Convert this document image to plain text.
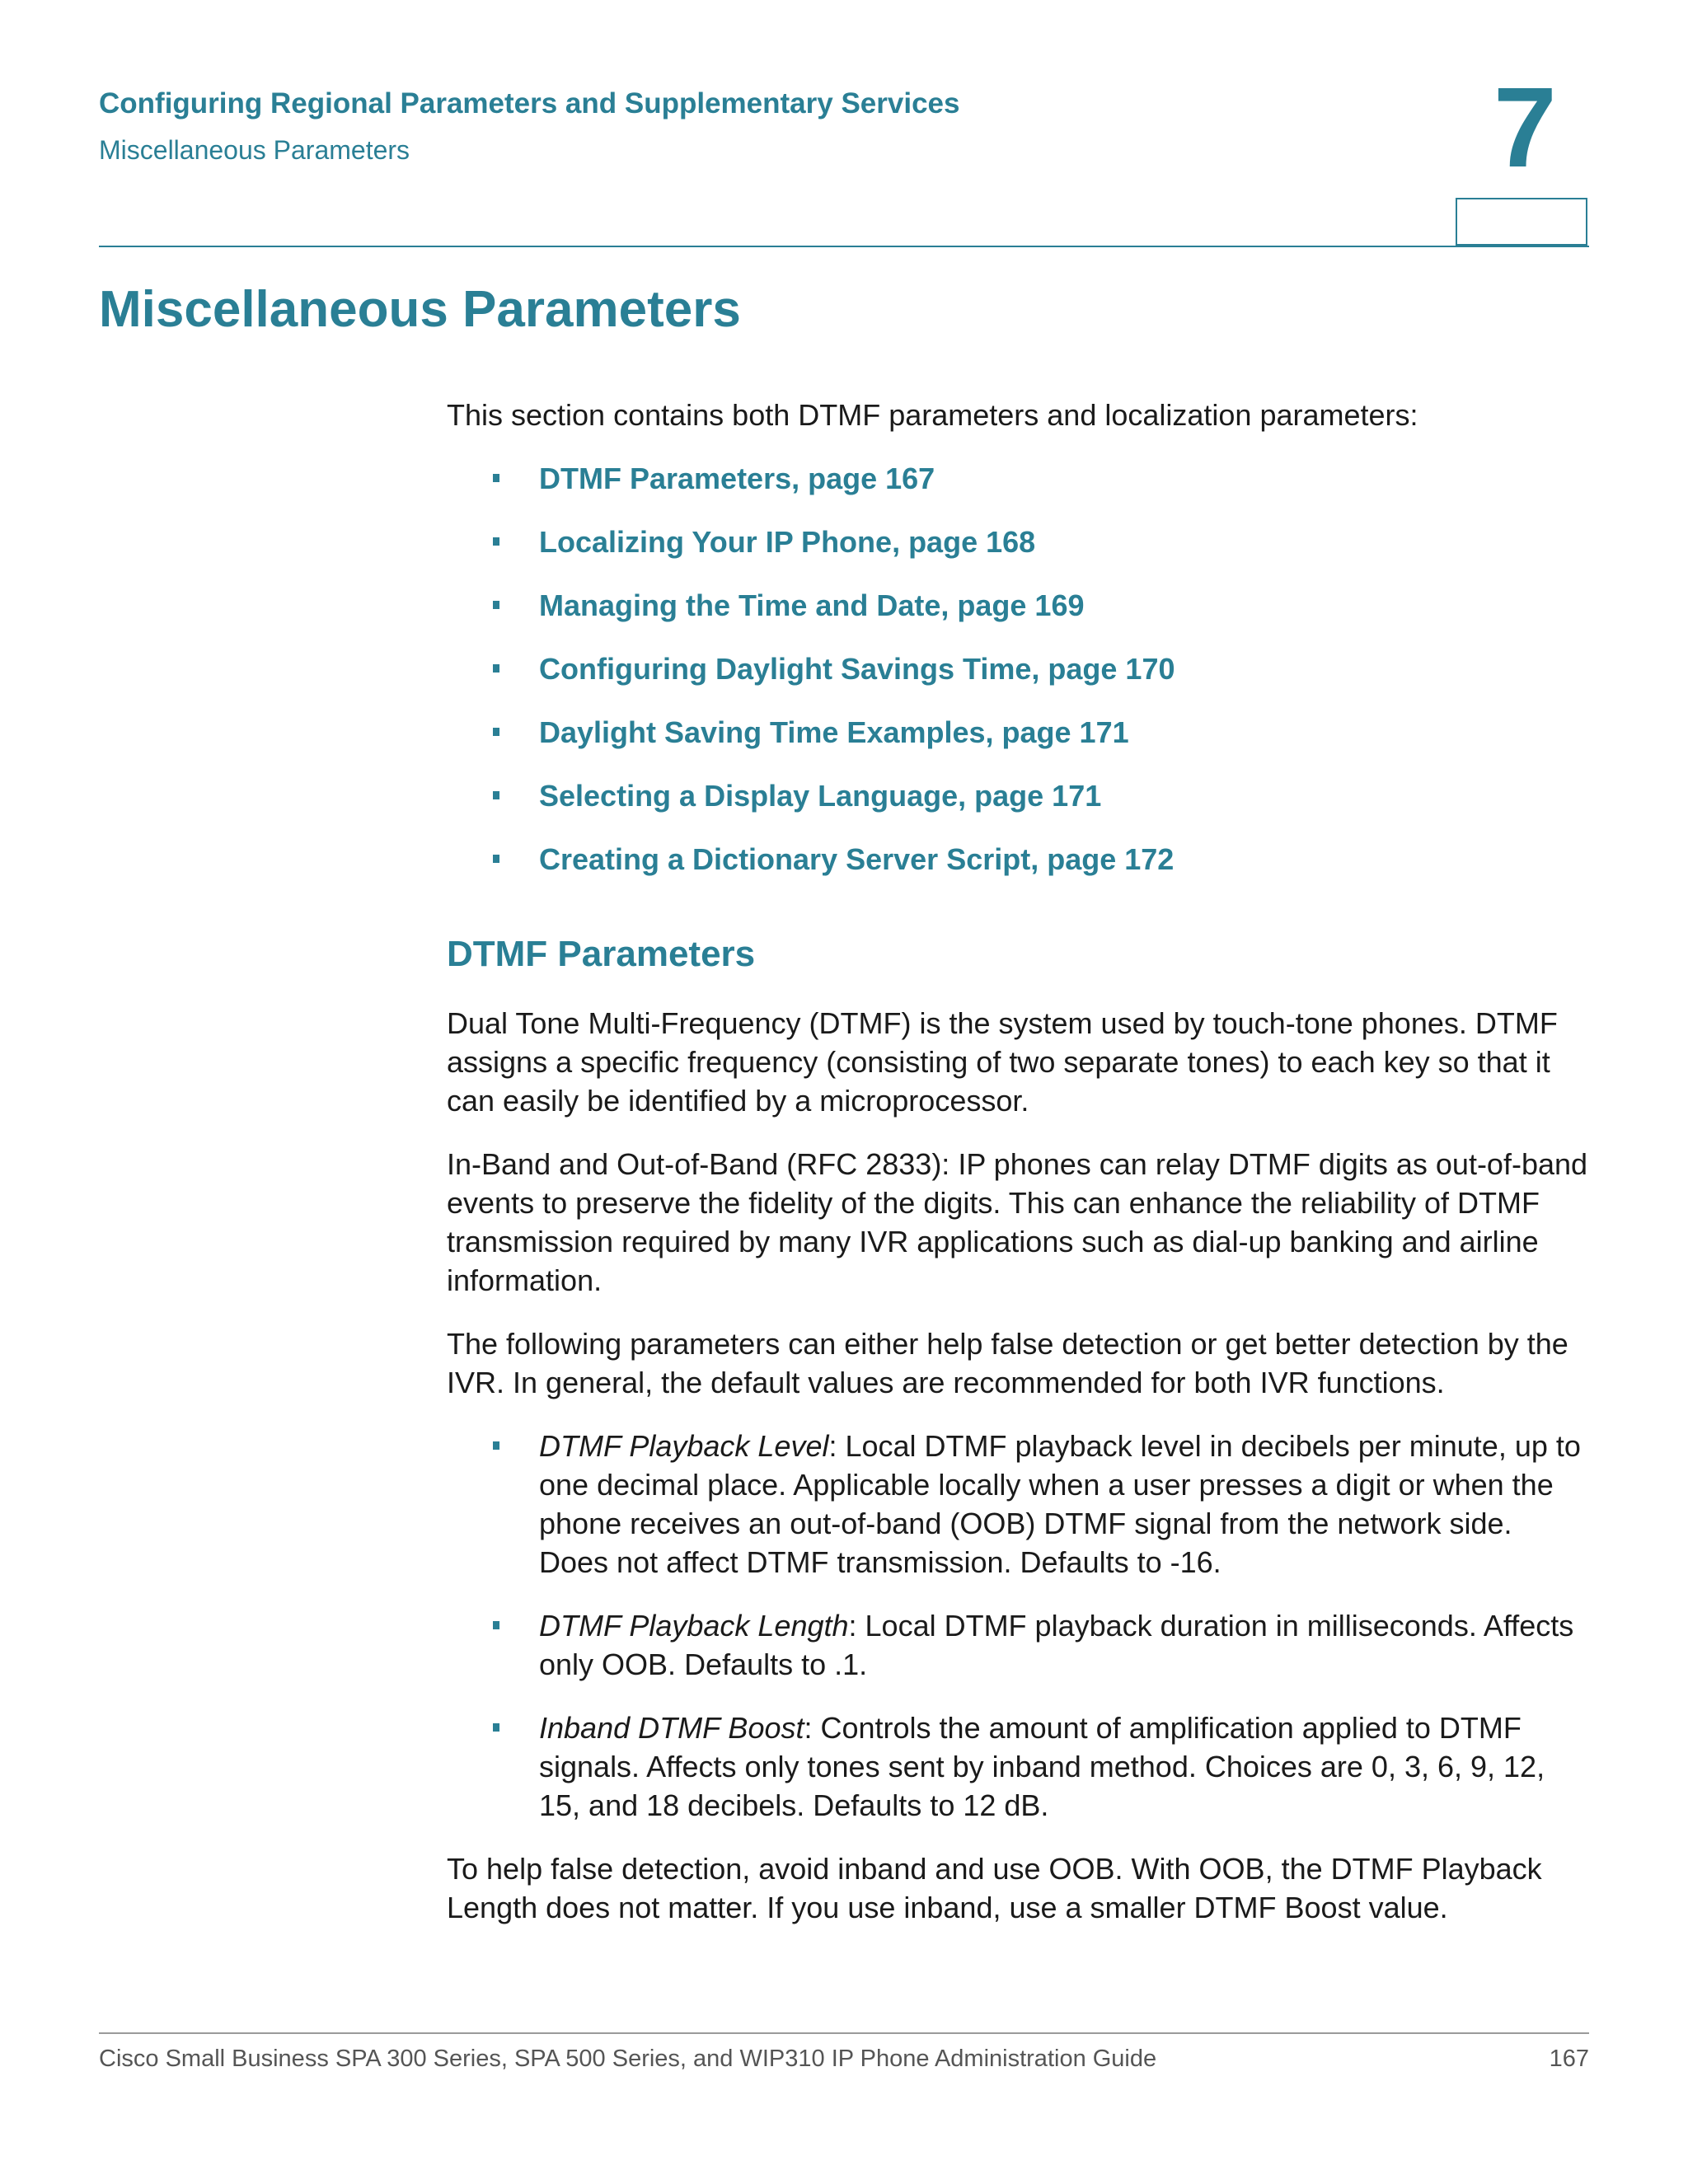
Configuring Regional Parameters and Supplementary Services
Miscellaneous Parameters	7
Miscellaneous Parameters

This section contains both DTMF parameters and localization parameters:

DTMF Parameters, page 167
Localizing Your IP Phone, page 168
Managing the Time and Date, page 169
Configuring Daylight Savings Time, page 170
Daylight Saving Time Examples, page 171
Selecting a Display Language, page 171
Creating a Dictionary Server Script, page 172
DTMF Parameters

Dual Tone Multi-Frequency (DTMF) is the system used by touch-tone phones. DTMF assigns a specific frequency (consisting of two separate tones) to each key so that it can easily be identified by a microprocessor.

In-Band and Out-of-Band (RFC 2833): IP phones can relay DTMF digits as out-of-band events to preserve the fidelity of the digits. This can enhance the reliability of DTMF transmission required by many IVR applications such as dial-up banking and airline information.

The following parameters can either help false detection or get better detection by the IVR. In general, the default values are recommended for both IVR functions.

DTMF Playback Level: Local DTMF playback level in decibels per minute, up to one decimal place. Applicable locally when a user presses a digit or when the phone receives an out-of-band (OOB) DTMF signal from the network side. Does not affect DTMF transmission. Defaults to -16.
DTMF Playback Length: Local DTMF playback duration in milliseconds. Affects only OOB. Defaults to .1.
Inband DTMF Boost: Controls the amount of amplification applied to DTMF signals. Affects only tones sent by inband method. Choices are 0, 3, 6, 9, 12, 15, and 18 decibels. Defaults to 12 dB.

To help false detection, avoid inband and use OOB. With OOB, the DTMF Playback Length does not matter. If you use inband, use a smaller DTMF Boost value.

Cisco Small Business SPA 300 Series, SPA 500 Series, and WIP310 IP Phone Administration Guide	167
